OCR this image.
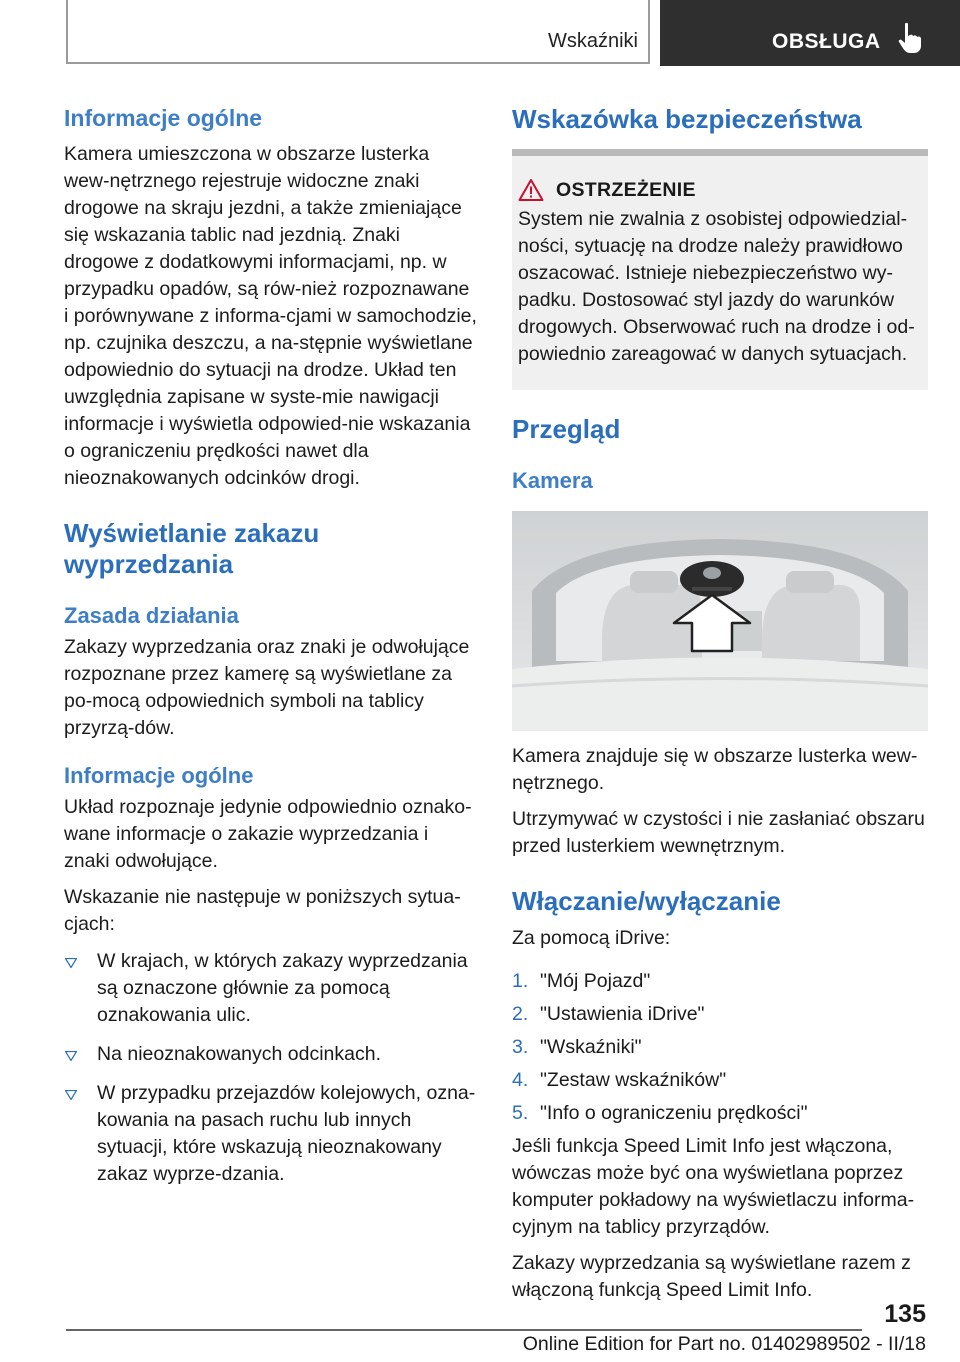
Wskaźniki	OBSŁUGA
Informacje ogólne

Kamera umieszczona w obszarze lusterka wew-nętrznego rejestruje widoczne znaki drogowe na skraju jezdni, a także zmieniające się wskazania tablic nad jezdnią. Znaki drogowe z dodatkowymi informacjami, np. w przypadku opadów, są rów-nież rozpoznawane i porównywane z informa-cjami w samochodzie, np. czujnika deszczu, a na-stępnie wyświetlane odpowiednio do sytuacji na drodze. Układ ten uwzględnia zapisane w syste-mie nawigacji informacje i wyświetla odpowied-nie wskazania o ograniczeniu prędkości nawet dla nieoznakowanych odcinków drogi.

Wyświetlanie zakazu
wyprzedzania
Zasada działania

Zakazy wyprzedzania oraz znaki je odwołujące rozpoznane przez kamerę są wyświetlane za po-mocą odpowiednich symboli na tablicy przyrzą-dów.

Informacje ogólne

Układ rozpoznaje jedynie odpowiednio oznako-wane informacje o zakazie wyprzedzania i znaki odwołujące.

Wskazanie nie następuje w poniższych sytua-cjach:

W krajach, w których zakazy wyprzedzania są oznaczone głównie za pomocą oznakowania ulic.
Na nieoznakowanych odcinkach.
W przypadku przejazdów kolejowych, ozna-kowania na pasach ruchu lub innych sytuacji, które wskazują nieoznakowany zakaz wyprze-dzania.
Wskazówka bezpieczeństwa
OSTRZEŻENIE
System nie zwalnia z osobistej odpowiedzial-ności, sytuację na drodze należy prawidłowo oszacować. Istnieje niebezpieczeństwo wy-padku. Dostosować styl jazdy do warunków drogowych. Obserwować ruch na drodze i od-powiednio zareagować w danych sytuacjach.
Przegląd
Kamera

Kamera znajduje się w obszarze lusterka wew-nętrznego.

Utrzymywać w czystości i nie zasłaniać obszaru przed lusterkiem wewnętrznym.

Włączanie/wyłączanie

Za pomocą iDrive:

1. "Mój Pojazd"
2. "Ustawienia iDrive"
3. "Wskaźniki"
4. "Zestaw wskaźników"
5. "Info o ograniczeniu prędkości"

Jeśli funkcja Speed Limit Info jest włączona, wówczas może być ona wyświetlana poprzez komputer pokładowy na wyświetlaczu informa-cyjnym na tablicy przyrządów.

Zakazy wyprzedzania są wyświetlane razem z włączoną funkcją Speed Limit Info.

135
Online Edition for Part no. 01402989502 - II/18
